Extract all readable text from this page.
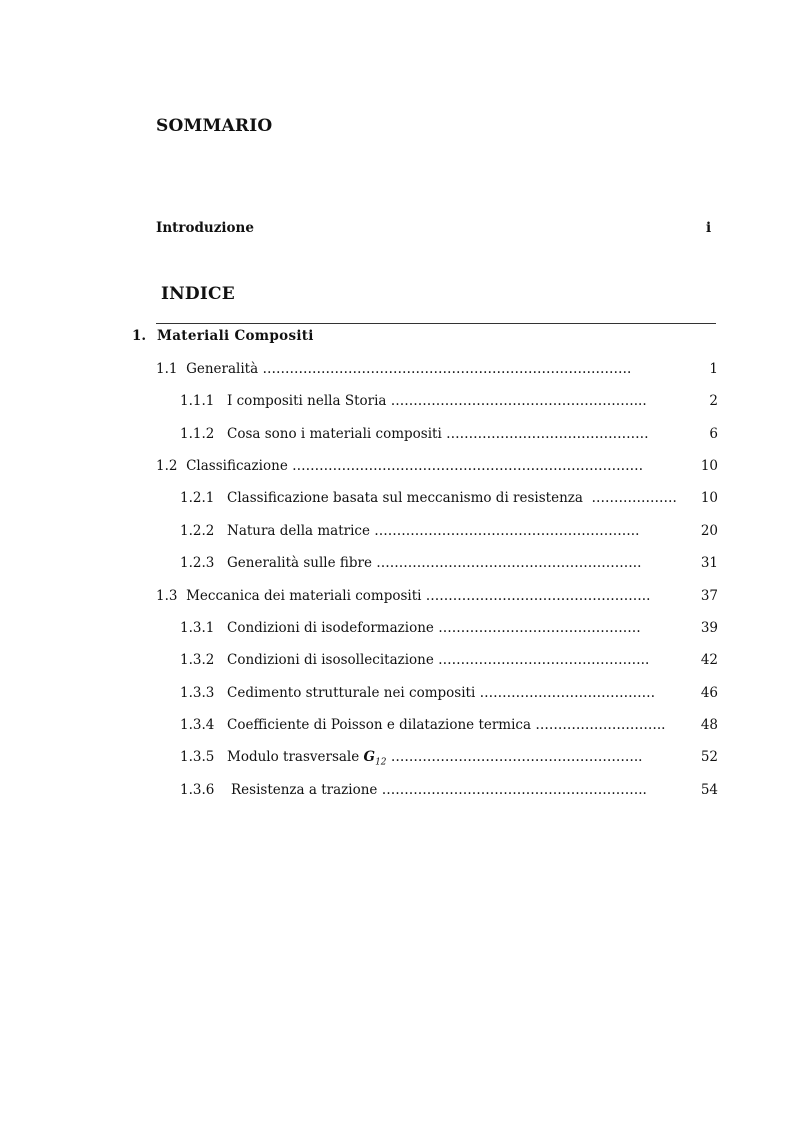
SOMMARIO
Introduzione	i
INDICE
1. Materiali Compositi
1.1 Generalità ……………………………………………………………………….	1
1.1.1 I compositi nella Storia ………………………………………………...	2
1.1.2 Cosa sono i materiali compositi ………………………………………	6
1.2 Classificazione ……………………………………………………………………	10
1.2.1 Classificazione basata sul meccanismo di resistenza ………………. 10
1.2.2 Natura della matrice …………………………………………………..	20
1.2.3 Generalità sulle fibre …………………………………………………..	31
1.3 Meccanica dei materiali compositi …………………………………………..	37
1.3.1 Condizioni di isodeformazione ………………………………………	39
1.3.2 Condizioni di isosollecitazione ………………………………………..	42
1.3.3 Cedimento strutturale nei compositi …………………………………	46
1.3.4 Coefficiente di Poisson e dilatazione termica ………………………..	48
1.3.5 Modulo trasversale $G_{12}$ ………………………………………………..	52
1.3.6 Resistenza a trazione …………………………………………………..	54
